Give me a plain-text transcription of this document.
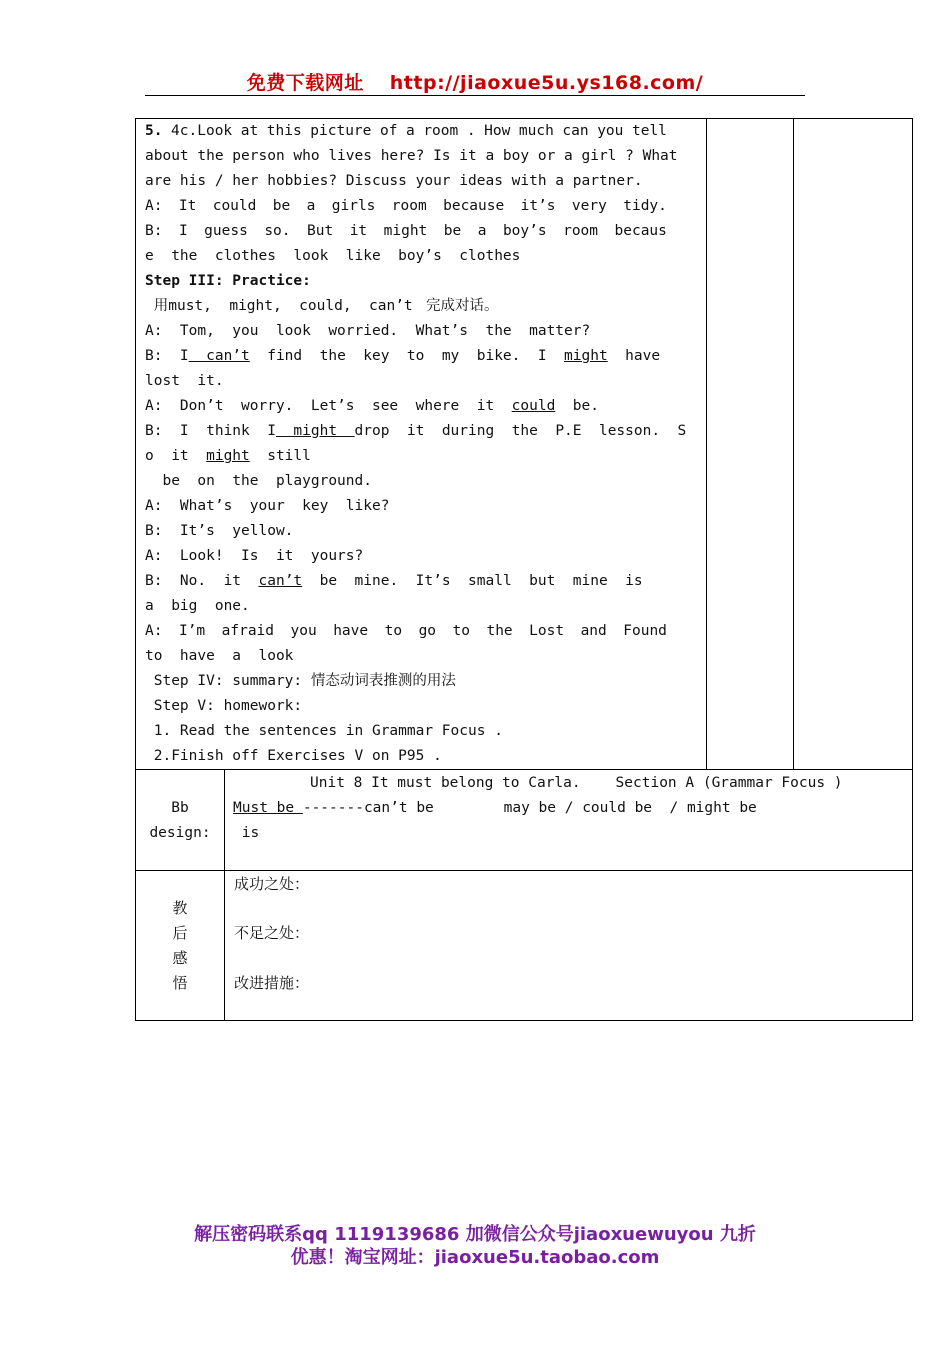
免费下载网址 http://jiaoxue5u.ys168.com/
5. 4c.Look at this picture of a room . How much can you tell
about the person who lives here? Is it a boy or a girl ? What
are his / her hobbies? Discuss your ideas with a partner.
A: It could be a girls room because it’s very tidy.
B: I guess so. But it might be a boy’s room becaus
e  the  clothes  look  like  boy’s  clothes
Step III: Practice:
用must,  might,  could,  can’t  完成对话。
A:  Tom,  you  look  worried.  What’s  the  matter?
B:  I  can’t  find  the  key  to  my  bike.  I  might  have
lost  it.
A:  Don’t  worry.  Let’s  see  where  it  could  be.
B:  I  think  I  might  drop  it  during  the  P.E  lesson.  S
o  it  might  still
be  on  the  playground.
A:  What’s  your  key  like?
B:  It’s  yellow.
A:  Look!  Is  it  yours?
B:  No.  it  can’t  be  mine.  It’s  small  but  mine  is
a  big  one.
A: I’m afraid you have to go to the Lost and Found
to  have  a  look
Step IV: summary: 情态动词表推测的用法
Step V: homework:
1. Read the sentences in Grammar Focus .
2.Finish off Exercises V on P95 .
Bb
design:
Unit 8 It must belong to Carla.    Section A (Grammar Focus )
Must be -------can’t be        may be / could be  / might be
is
教
后
感
悟
成功之处：
不足之处：
改进措施：
解压密码联系qq 1119139686 加微信公众号jiaoxuewuyou 九折
优惠！淘宝网址：jiaoxue5u.taobao.com
